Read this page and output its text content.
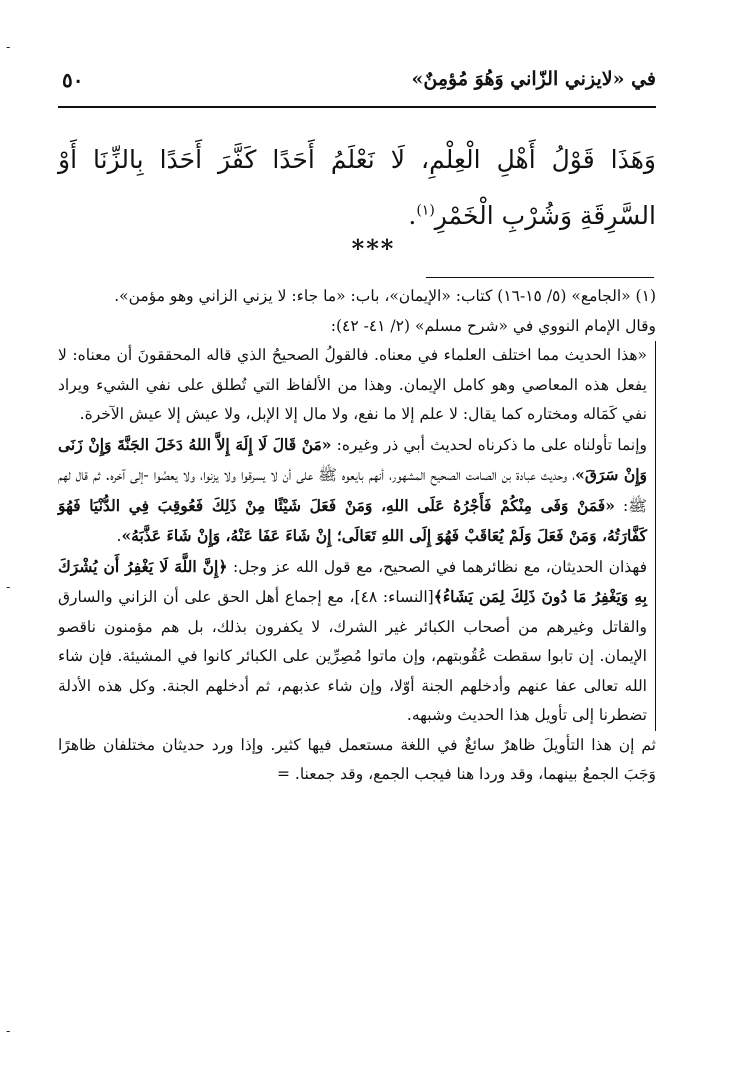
في «لايزني الزّاني وَهُوَ مُؤمِنٌ»
٥٠

وَهَذَا قَوْلُ أَهْلِ الْعِلْمِ، لَا نَعْلَمُ أَحَدًا كَفَّرَ أَحَدًا بِالزِّنَا أَوْ السَّرِقَةِ وَشُرْبِ الْخَمْرِ$^{(١)}$.

***

(١) «الجامع» (٥/ ١٥-١٦) كتاب: «الإيمان»، باب: «ما جاء: لا يزني الزاني وهو مؤمن».

وقال الإمام النووي في «شرح مسلم» (٢/ ٤١- ٤٢):

«هذا الحديث مما اختلف العلماء في معناه. فالقولُ الصحيحُ الذي قاله المحققونَ أن معناه: لا يفعل هذه المعاصي وهو كامل الإيمان. وهذا من الألفاظ التي تُطلق على نفي الشيء ويراد نفي كَمَاله ومختاره كما يقال: لا علم إلا ما نفع، ولا مال إلا الإبل، ولا عيش إلا عيش الآخرة.

وإنما تأولناه على ما ذكرناه لحديث أبي ذر وغيره: «مَنْ قَالَ لَا إِلَهَ إِلاَّ اللهُ دَخَلَ الجَنَّةَ وَإِنْ زَنَى وَإِنْ سَرَقَ»، وحديث عبادة بن الصامت الصحيح المشهور، أنهم بايعوه ﷺ على أن لا يسرقوا ولا يزنوا، ولا يعصُوا -إلى آخره. ثم قال لهم ﷺ: «فَمَنْ وَفَى مِنْكُمْ فَأَجْرُهُ عَلَى اللهِ، وَمَنْ فَعَلَ شَيْئًا مِنْ ذَلِكَ فَعُوقِبَ فِي الدُّنْيَا فَهُوَ كَفَّارَتُهُ، وَمَنْ فَعَلَ وَلَمْ يُعَاقَبْ فَهُوَ إِلَى اللهِ تَعَالَى؛ إِنْ شَاءَ عَفَا عَنْهُ، وَإِنْ شَاءَ عَذَّبَهُ».

فهذان الحديثان، مع نظائرهما في الصحيح، مع قول الله عز وجل: ﴿إِنَّ اللَّهَ لَا يَغْفِرُ أَن يُشْرَكَ بِهِ وَيَغْفِرُ مَا دُونَ ذَلِكَ لِمَن يَشَاءُ﴾[النساء: ٤٨]، مع إجماع أهل الحق على أن الزاني والسارق والقاتل وغيرهم من أصحاب الكبائر غير الشرك، لا يكفرون بذلك، بل هم مؤمنون ناقصو الإيمان. إن تابوا سقطت عُقُوبتهم، وإن ماتوا مُصِرِّين على الكبائر كانوا في المشيئة. فإن شاء الله تعالى عفا عنهم وأدخلهم الجنة أوّلا، وإن شاء عذبهم، ثم أدخلهم الجنة. وكل هذه الأدلة تضطرنا إلى تأويل هذا الحديث وشبهه.

ثم إن هذا التأويلَ ظاهرٌ سائغٌ في اللغة مستعمل فيها كثير. وإذا ورد حديثان مختلفان ظاهرًا وَجَبَ الجمعُ بينهما، وقد وردا هنا فيجب الجمع، وقد جمعنا. =

-
-
-
